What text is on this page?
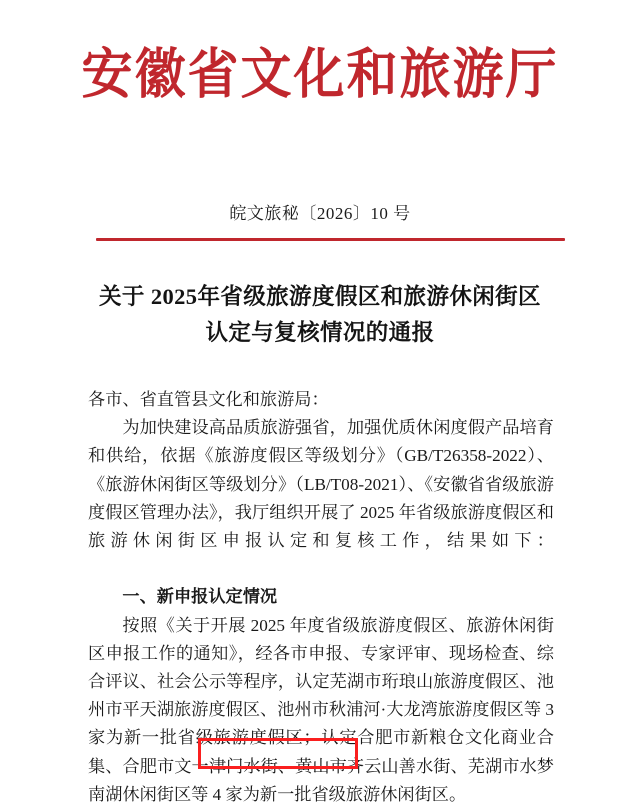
安徽省文化和旅游厅
皖文旅秘〔2026〕10 号
关于 2025年省级旅游度假区和旅游休闲街区
认定与复核情况的通报

各市、省直管县文化和旅游局：

为加快建设高品质旅游强省，加强优质休闲度假产品培育和供给，依据《旅游度假区等级划分》（GB/T26358-2022）、《旅游休闲街区等级划分》（LB/T08-2021）、《安徽省省级旅游度假区管理办法》，我厅组织开展了 2025 年省级旅游度假区和旅游休闲街区申报认定和复核工作，结果如下：

一、新申报认定情况

按照《关于开展 2025 年度省级旅游度假区、旅游休闲街区申报工作的通知》，经各市申报、专家评审、现场检查、综合评议、社会公示等程序，认定芜湖市珩琅山旅游度假区、池州市平天湖旅游度假区、池州市秋浦河·大龙湾旅游度假区等 3 家为新一批省级旅游度假区；认定合肥市新粮仓文化商业合集、合肥市文一津门水街、黄山市齐云山善水街、芜湖市水梦南湖休闲街区等 4 家为新一批省级旅游休闲街区。
